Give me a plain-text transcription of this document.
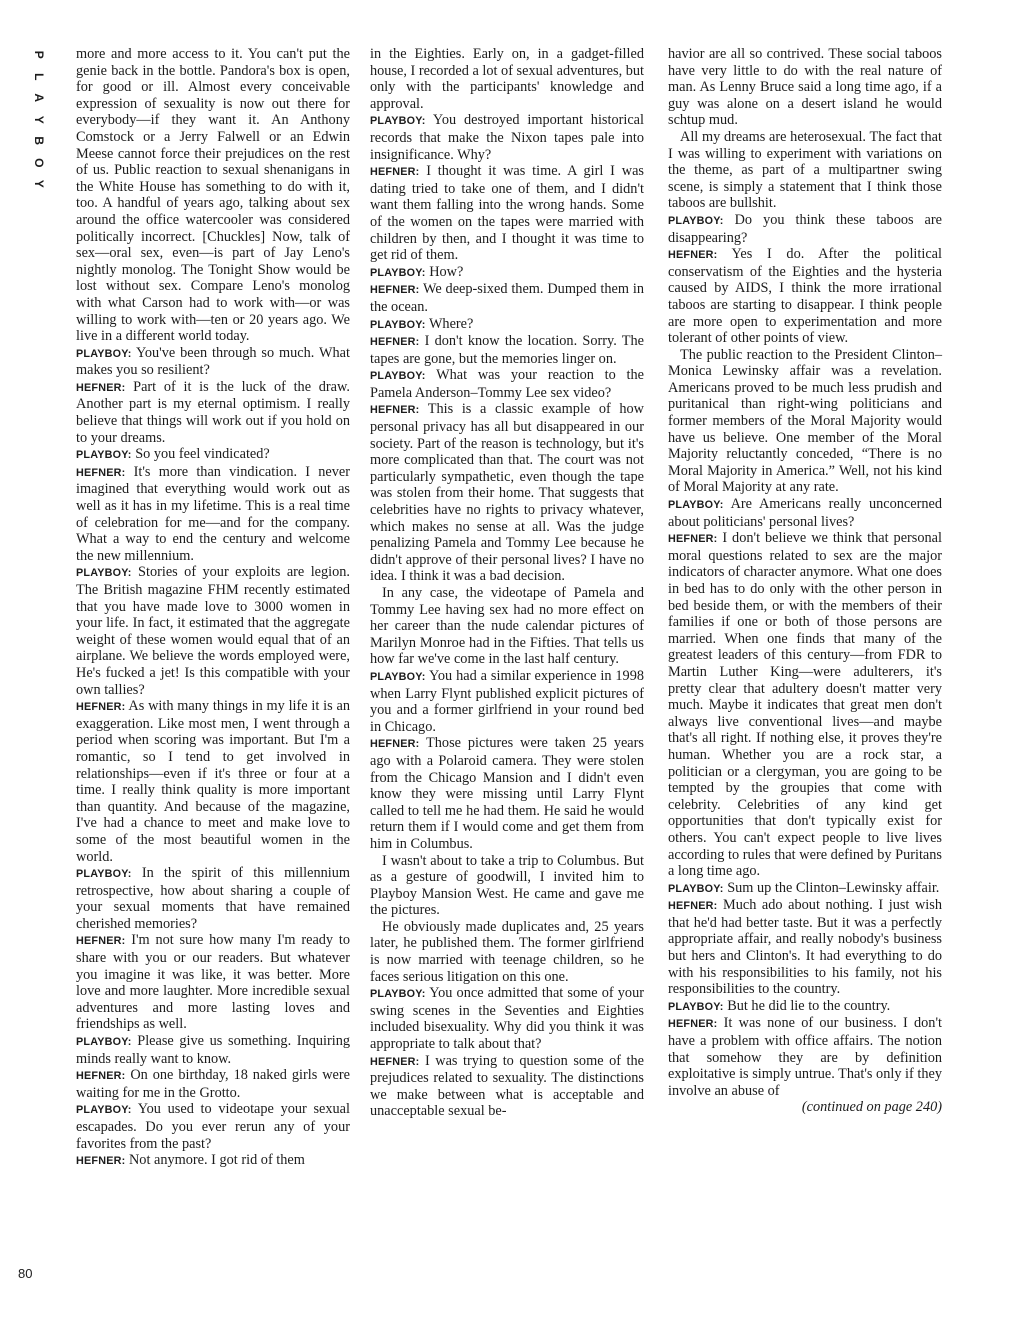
P
L
A
Y
B
O
Y
80

more and more access to it. You can't put the genie back in the bottle. Pandora's box is open, for good or ill. Almost every conceivable expression of sexuality is now out there for everybody—if they want it. An Anthony Comstock or a Jerry Falwell or an Edwin Meese cannot force their prejudices on the rest of us. Public reaction to sexual shenanigans in the White House has something to do with it, too. A handful of years ago, talking about sex around the office watercooler was considered politically incorrect. [Chuckles] Now, talk of sex—oral sex, even—is part of Jay Leno's nightly monolog. The Tonight Show would be lost without sex. Compare Leno's monolog with what Carson had to work with—or was willing to work with—ten or 20 years ago. We live in a different world today.

PLAYBOY: You've been through so much. What makes you so resilient?

HEFNER: Part of it is the luck of the draw. Another part is my eternal optimism. I really believe that things will work out if you hold on to your dreams.

PLAYBOY: So you feel vindicated?

HEFNER: It's more than vindication. I never imagined that everything would work out as well as it has in my lifetime. This is a real time of celebration for me—and for the company. What a way to end the century and welcome the new millennium.

PLAYBOY: Stories of your exploits are legion. The British magazine FHM recently estimated that you have made love to 3000 women in your life. In fact, it estimated that the aggregate weight of these women would equal that of an airplane. We believe the words employed were, He's fucked a jet! Is this compatible with your own tallies?

HEFNER: As with many things in my life it is an exaggeration. Like most men, I went through a period when scoring was important. But I'm a romantic, so I tend to get involved in relationships—even if it's three or four at a time. I really think quality is more important than quantity. And because of the magazine, I've had a chance to meet and make love to some of the most beautiful women in the world.

PLAYBOY: In the spirit of this millennium retrospective, how about sharing a couple of your sexual moments that have remained cherished memories?

HEFNER: I'm not sure how many I'm ready to share with you or our readers. But whatever you imagine it was like, it was better. More love and more laughter. More incredible sexual adventures and more lasting loves and friendships as well.

PLAYBOY: Please give us something. Inquiring minds really want to know.

HEFNER: On one birthday, 18 naked girls were waiting for me in the Grotto.

PLAYBOY: You used to videotape your sexual escapades. Do you ever rerun any of your favorites from the past?

HEFNER: Not anymore. I got rid of them

in the Eighties. Early on, in a gadget-filled house, I recorded a lot of sexual adventures, but only with the participants' knowledge and approval.

PLAYBOY: You destroyed important historical records that make the Nixon tapes pale into insignificance. Why?

HEFNER: I thought it was time. A girl I was dating tried to take one of them, and I didn't want them falling into the wrong hands. Some of the women on the tapes were married with children by then, and I thought it was time to get rid of them.

PLAYBOY: How?

HEFNER: We deep-sixed them. Dumped them in the ocean.

PLAYBOY: Where?

HEFNER: I don't know the location. Sorry. The tapes are gone, but the memories linger on.

PLAYBOY: What was your reaction to the Pamela Anderson–Tommy Lee sex video?

HEFNER: This is a classic example of how personal privacy has all but disappeared in our society. Part of the reason is technology, but it's more complicated than that. The court was not particularly sympathetic, even though the tape was stolen from their home. That suggests that celebrities have no rights to privacy whatever, which makes no sense at all. Was the judge penalizing Pamela and Tommy Lee because he didn't approve of their personal lives? I have no idea. I think it was a bad decision.

In any case, the videotape of Pamela and Tommy Lee having sex had no more effect on her career than the nude calendar pictures of Marilyn Monroe had in the Fifties. That tells us how far we've come in the last half century.

PLAYBOY: You had a similar experience in 1998 when Larry Flynt published explicit pictures of you and a former girlfriend in your round bed in Chicago.

HEFNER: Those pictures were taken 25 years ago with a Polaroid camera. They were stolen from the Chicago Mansion and I didn't even know they were missing until Larry Flynt called to tell me he had them. He said he would return them if I would come and get them from him in Columbus.

I wasn't about to take a trip to Columbus. But as a gesture of goodwill, I invited him to Playboy Mansion West. He came and gave me the pictures.

He obviously made duplicates and, 25 years later, he published them. The former girlfriend is now married with teenage children, so he faces serious litigation on this one.

PLAYBOY: You once admitted that some of your swing scenes in the Seventies and Eighties included bisexuality. Why did you think it was appropriate to talk about that?

HEFNER: I was trying to question some of the prejudices related to sexuality. The distinctions we make between what is acceptable and unacceptable sexual be-

havior are all so contrived. These social taboos have very little to do with the real nature of man. As Lenny Bruce said a long time ago, if a guy was alone on a desert island he would schtup mud.

All my dreams are heterosexual. The fact that I was willing to experiment with variations on the theme, as part of a multipartner swing scene, is simply a statement that I think those taboos are bullshit.

PLAYBOY: Do you think these taboos are disappearing?

HEFNER: Yes I do. After the political conservatism of the Eighties and the hysteria caused by AIDS, I think the more irrational taboos are starting to disappear. I think people are more open to experimentation and more tolerant of other points of view.

The public reaction to the President Clinton–Monica Lewinsky affair was a revelation. Americans proved to be much less prudish and puritanical than right-wing politicians and former members of the Moral Majority would have us believe. One member of the Moral Majority reluctantly conceded, “There is no Moral Majority in America.” Well, not his kind of Moral Majority at any rate.

PLAYBOY: Are Americans really unconcerned about politicians' personal lives?

HEFNER: I don't believe we think that personal moral questions related to sex are the major indicators of character anymore. What one does in bed has to do only with the other person in bed beside them, or with the members of their families if one or both of those persons are married. When one finds that many of the greatest leaders of this century—from FDR to Martin Luther King—were adulterers, it's pretty clear that adultery doesn't matter very much. Maybe it indicates that great men don't always live conventional lives—and maybe that's all right. If nothing else, it proves they're human. Whether you are a rock star, a politician or a clergyman, you are going to be tempted by the groupies that come with celebrity. Celebrities of any kind get opportunities that don't typically exist for others. You can't expect people to live lives according to rules that were defined by Puritans a long time ago.

PLAYBOY: Sum up the Clinton–Lewinsky affair.

HEFNER: Much ado about nothing. I just wish that he'd had better taste. But it was a perfectly appropriate affair, and really nobody's business but hers and Clinton's. It had everything to do with his responsibilities to his family, not his responsibilities to the country.

PLAYBOY: But he did lie to the country.

HEFNER: It was none of our business. I don't have a problem with office affairs. The notion that somehow they are by definition exploitative is simply untrue. That's only if they involve an abuse of

(continued on page 240)
